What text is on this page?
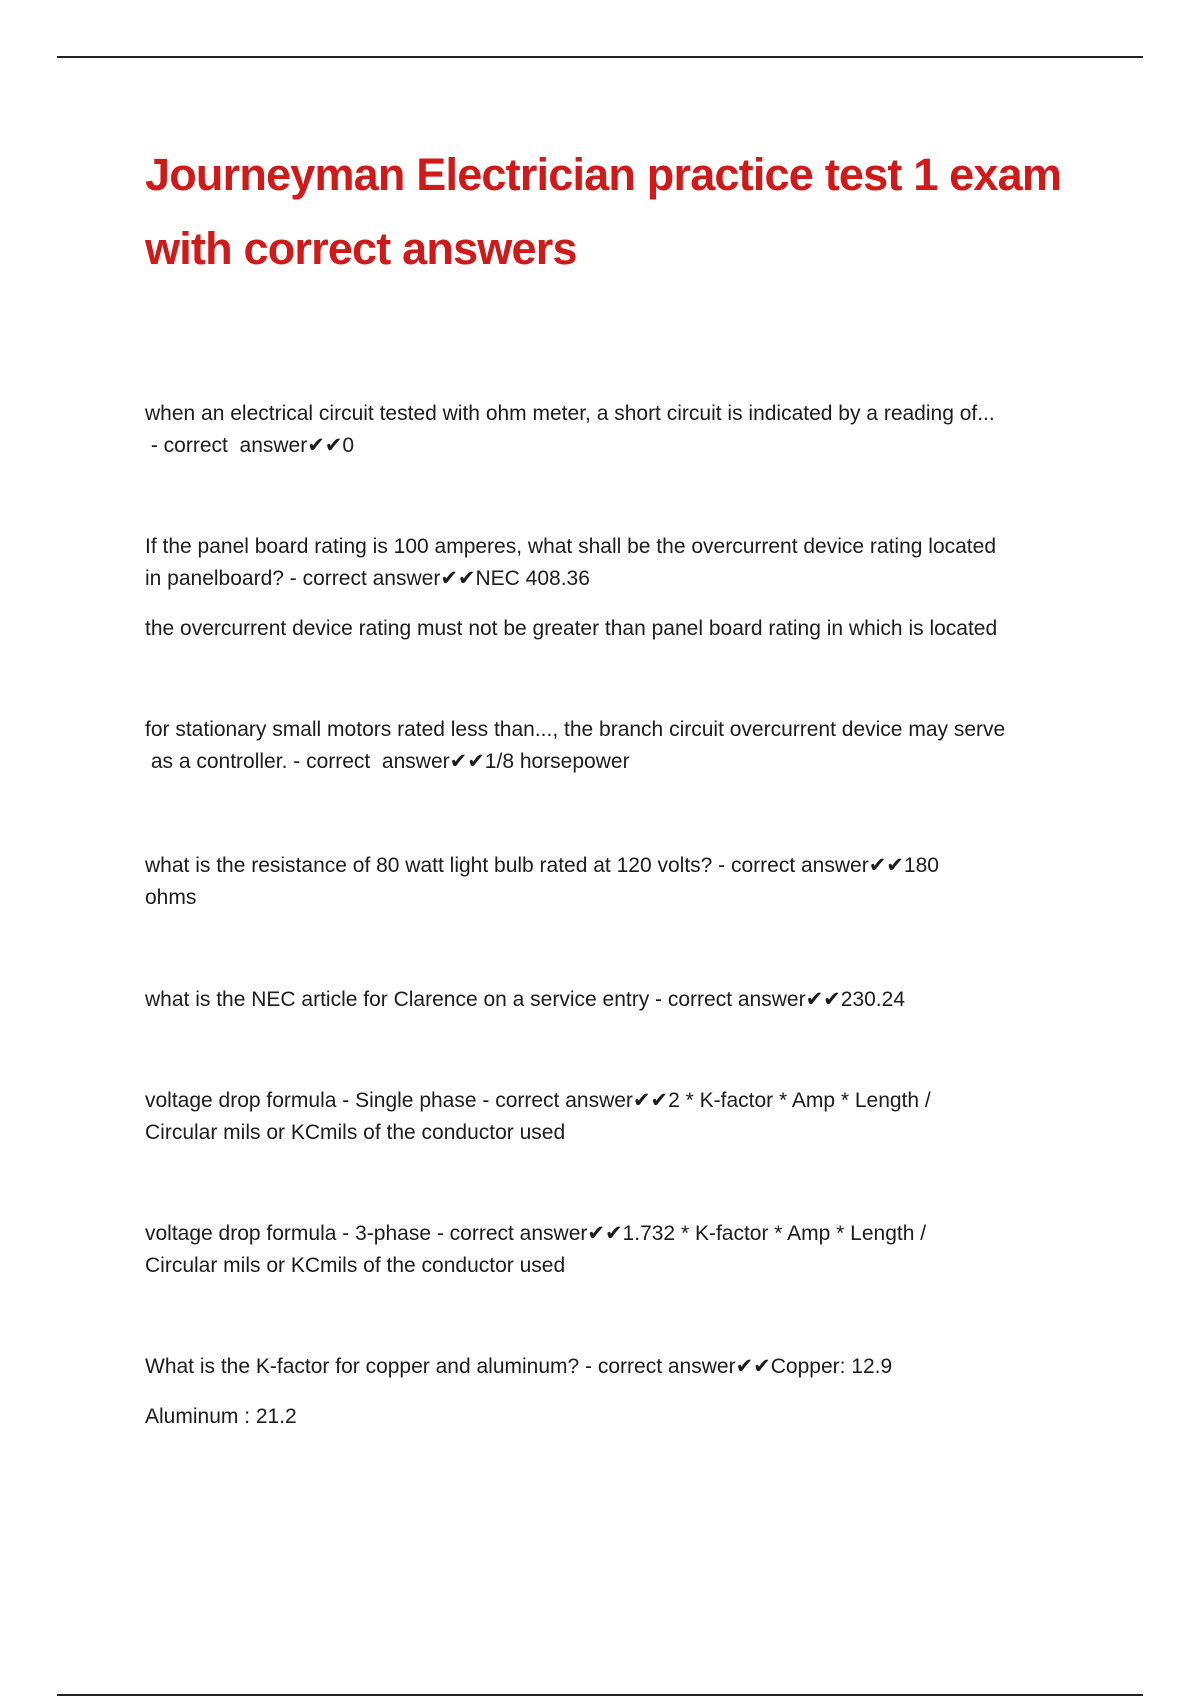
Journeyman Electrician practice test 1 exam with correct answers

when an electrical circuit tested with ohm meter, a short circuit is indicated by a reading of...
- correct  answer✔✔0

If the panel board rating is 100 amperes, what shall be the overcurrent device rating located
in panelboard? - correct answer✔✔NEC 408.36

the overcurrent device rating must not be greater than panel board rating in which is located

for stationary small motors rated less than..., the branch circuit overcurrent device may serve
as a controller. - correct  answer✔✔1/8 horsepower

what is the resistance of 80 watt light bulb rated at 120 volts? - correct answer✔✔180
ohms

what is the NEC article for Clarence on a service entry - correct answer✔✔230.24

voltage drop formula - Single phase - correct answer✔✔2 * K-factor * Amp * Length /
Circular mils or KCmils of the conductor used

voltage drop formula - 3-phase - correct answer✔✔1.732 * K-factor * Amp * Length /
Circular mils or KCmils of the conductor used

What is the K-factor for copper and aluminum? - correct answer✔✔Copper: 12.9

Aluminum : 21.2
